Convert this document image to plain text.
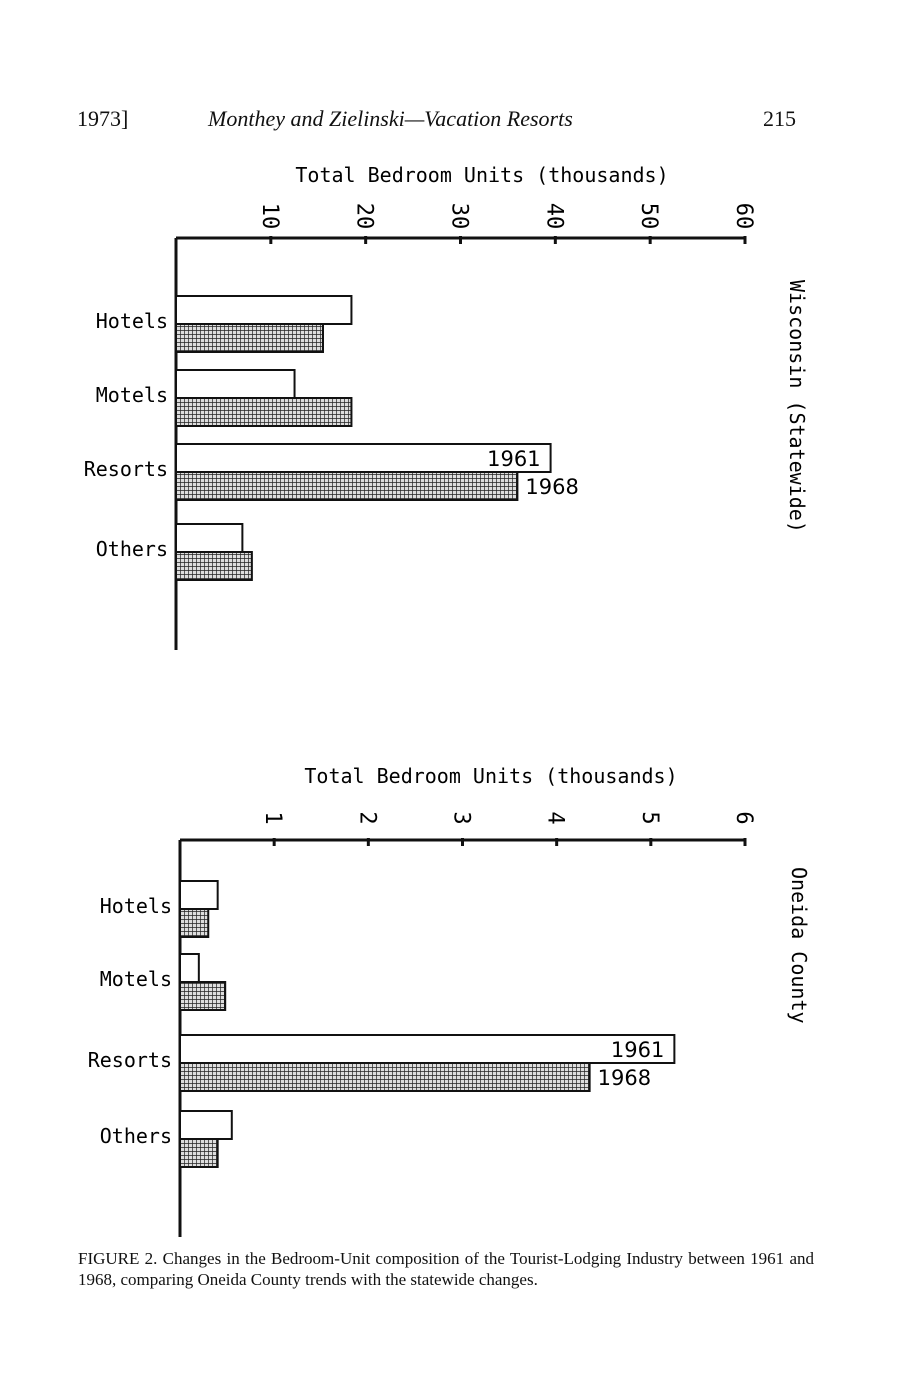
1973]	Monthey and Zielinski—Vacation Resorts	215
Total Bedroom Units (thousands)
10	20	30	40	50	60
Wisconsin (Statewide)
Hotels
Motels
Resorts	1961
1968
Others
Total Bedroom Units (thousands)
1	2	3	4	5	6
Oneida County
Hotels
Motels
Resorts	1961
1968
Others
FIGURE 2. Changes in the Bedroom-Unit composition of the Tourist-Lodging Industry between 1961 and 1968, comparing Oneida County trends with the statewide changes.
